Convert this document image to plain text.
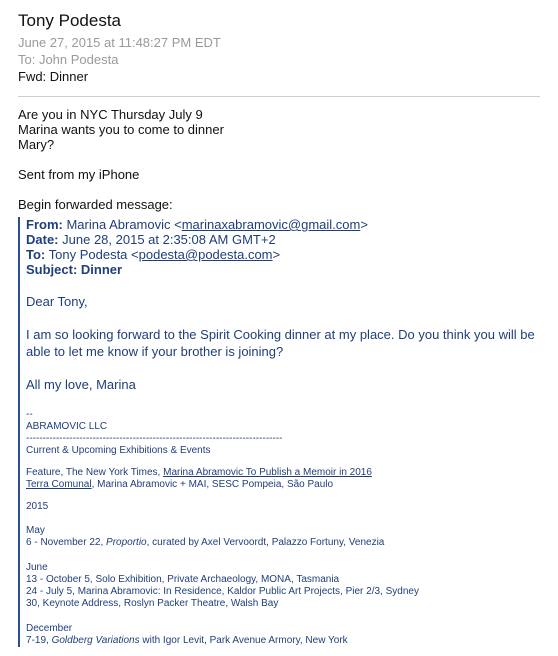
Tony Podesta
June 27, 2015 at 11:48:27 PM EDT
To: John Podesta
Fwd: Dinner
Are you in NYC Thursday July 9
Marina wants you to come to dinner
Mary?
Sent from my iPhone
Begin forwarded message:
From: Marina Abramovic <marinaxabramovic@gmail.com>
Date: June 28, 2015 at 2:35:08 AM GMT+2
To: Tony Podesta <podesta@podesta.com>
Subject: Dinner
Dear Tony,
I am so looking forward to the Spirit Cooking dinner at my place. Do you think you will be able to let me know if your brother is joining?
All my love, Marina
--
ABRAMOVIC LLC
-----------------------------------------------------------------------------
Current & Upcoming Exhibitions & Events
Feature, The New York Times, Marina Abramovic To Publish a Memoir in 2016
Terra Comunal, Marina Abramovic + MAI, SESC Pompeia, São Paulo
2015
May
6 - November 22, Proportio, curated by Axel Vervoordt, Palazzo Fortuny, Venezia
June
13 - October 5, Solo Exhibition, Private Archaeology, MONA, Tasmania
24 - July 5, Marina Abramovic: In Residence, Kaldor Public Art Projects, Pier 2/3, Sydney
30, Keynote Address, Roslyn Packer Theatre, Walsh Bay
December
7-19, Goldberg Variations with Igor Levit, Park Avenue Armory, New York
